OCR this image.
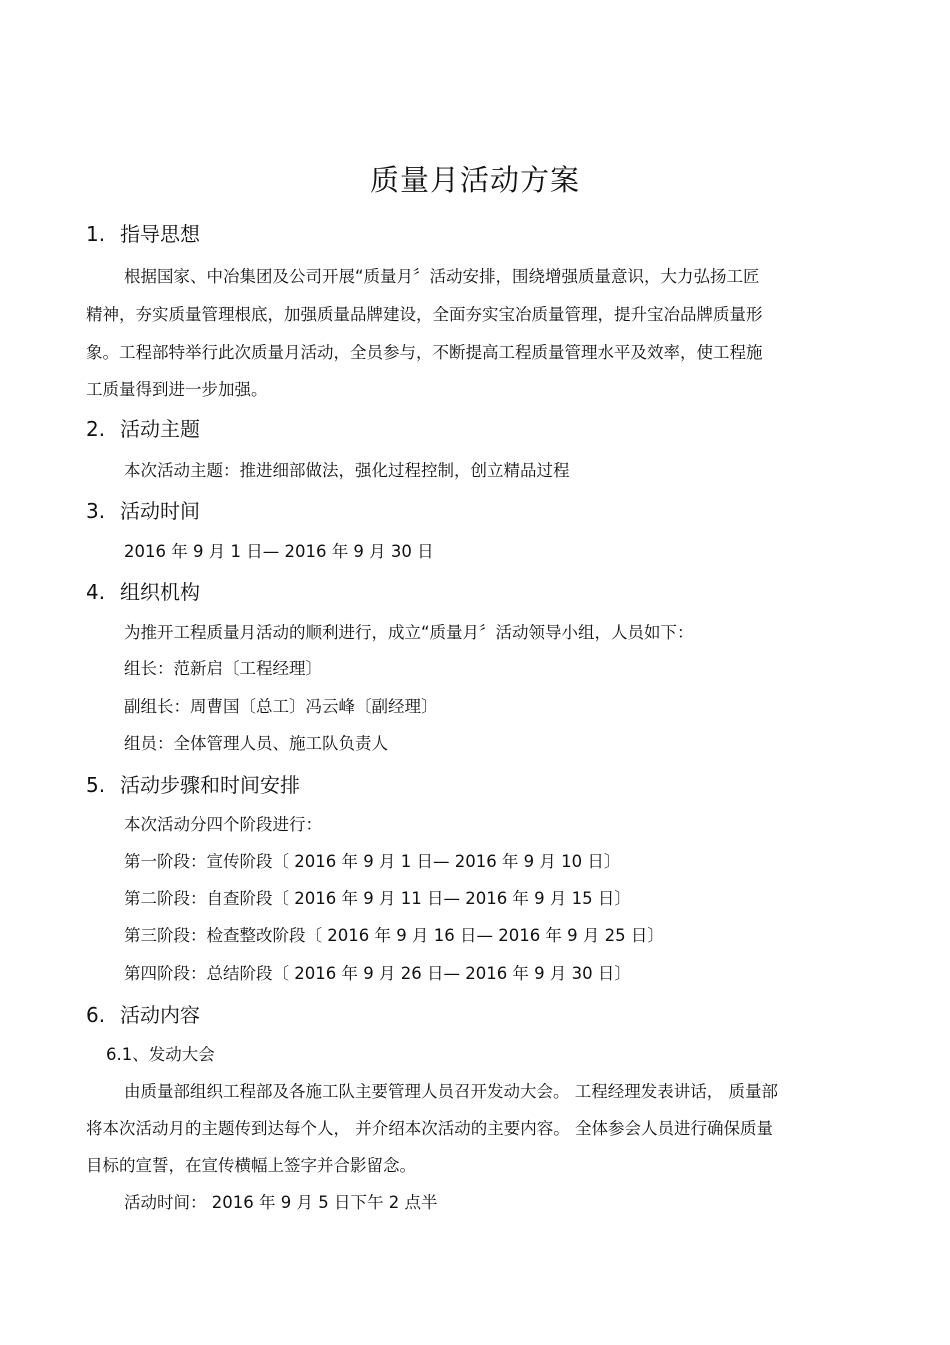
质量月活动方案
1. 指导思想
根据国家、中冶集团及公司开展“质量月〞活动安排，围绕增强质量意识，大力弘扬工匠
精神，夯实质量管理根底，加强质量品牌建设，全面夯实宝冶质量管理，提升宝冶品牌质量形
象。工程部特举行此次质量月活动，全员参与，不断提高工程质量管理水平及效率，使工程施
工质量得到进一步加强。
2. 活动主题
本次活动主题：推进细部做法，强化过程控制，创立精品过程
3. 活动时间
2016 年 9 月 1 日— 2016 年 9 月 30 日
4. 组织机构
为推开工程质量月活动的顺利进行，成立“质量月〞活动领导小组，人员如下：
组长：范新启〔工程经理〕
副组长：周曹国〔总工〕冯云峰〔副经理〕
组员：全体管理人员、施工队负责人
5. 活动步骤和时间安排
本次活动分四个阶段进行：
第一阶段：宣传阶段〔 2016 年 9 月 1 日— 2016 年 9 月 10 日〕
第二阶段：自查阶段〔 2016 年 9 月 11 日— 2016 年 9 月 15 日〕
第三阶段：检查整改阶段〔 2016 年 9 月 16 日— 2016 年 9 月 25 日〕
第四阶段：总结阶段〔 2016 年 9 月 26 日— 2016 年 9 月 30 日〕
6. 活动内容
6.1、发动大会
由质量部组织工程部及各施工队主要管理人员召开发动大会。 工程经理发表讲话， 质量部
将本次活动月的主题传到达每个人， 并介绍本次活动的主要内容。 全体参会人员进行确保质量
目标的宣誓，在宣传横幅上签字并合影留念。
活动时间： 2016 年 9 月 5 日下午 2 点半
